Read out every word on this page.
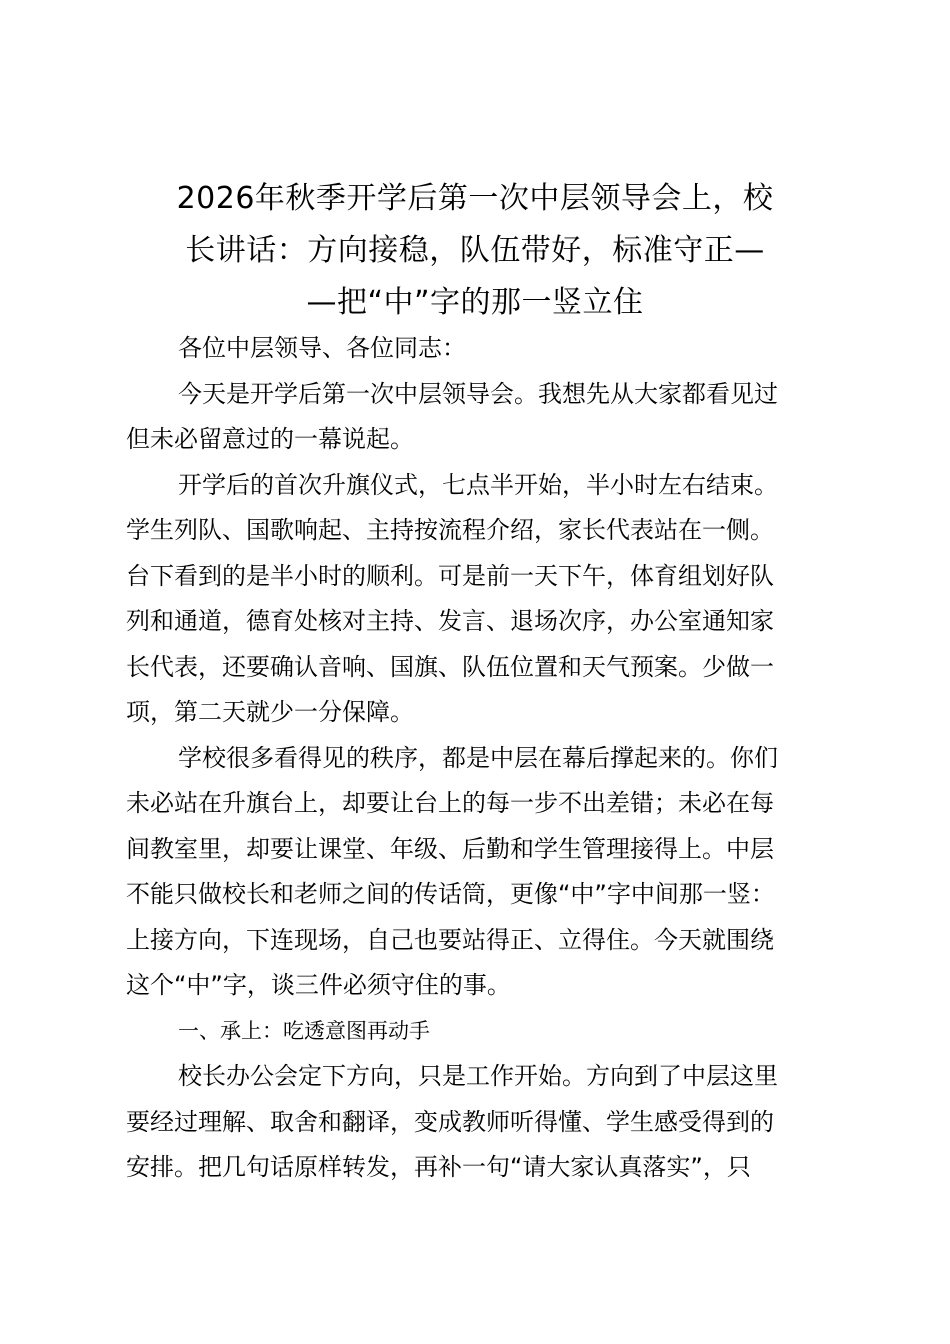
2026年秋季开学后第一次中层领导会上，校
长讲话：方向接稳，队伍带好，标准守正—
—把“中”字的那一竖立住

各位中层领导、各位同志：

今天是开学后第一次中层领导会。我想先从大家都看见过
但未必留意过的一幕说起。

开学后的首次升旗仪式，七点半开始，半小时左右结束。
学生列队、国歌响起、主持按流程介绍，家长代表站在一侧。
台下看到的是半小时的顺利。可是前一天下午，体育组划好队
列和通道，德育处核对主持、发言、退场次序，办公室通知家
长代表，还要确认音响、国旗、队伍位置和天气预案。少做一
项，第二天就少一分保障。

学校很多看得见的秩序，都是中层在幕后撑起来的。你们
未必站在升旗台上，却要让台上的每一步不出差错；未必在每
间教室里，却要让课堂、年级、后勤和学生管理接得上。中层
不能只做校长和老师之间的传话筒，更像“中”字中间那一竖：
上接方向，下连现场，自己也要站得正、立得住。今天就围绕
这个“中”字，谈三件必须守住的事。

一、承上：吃透意图再动手

校长办公会定下方向，只是工作开始。方向到了中层这里
要经过理解、取舍和翻译，变成教师听得懂、学生感受得到的
安排。把几句话原样转发，再补一句“请大家认真落实”，只
